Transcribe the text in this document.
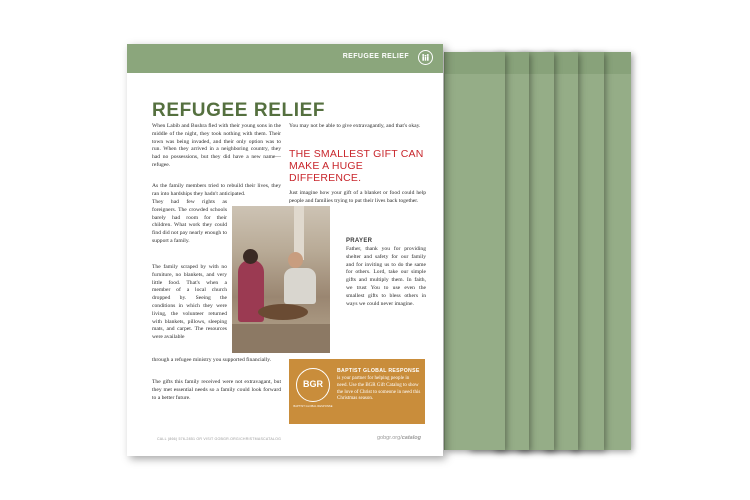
REFUGEE RELIEF
REFUGEE RELIEF

When Labib and Bushra fled with their young sons in the middle of the night, they took nothing with them. Their town was being invaded, and their only option was to run. When they arrived in a neighboring country, they had no possessions, but they did have a new name—refugee.

As the family members tried to rebuild their lives, they ran into hardships they hadn't anticipated.

They had few rights as foreigners. The crowded schools barely had room for their children. What work they could find did not pay nearly enough to support a family.

The family scraped by with no furniture, no blankets, and very little food. That's when a member of a local church dropped by. Seeing the conditions in which they were living, the volunteer returned with blankets, pillows, sleeping mats, and carpet. The resources were available

through a refugee ministry you supported financially.

The gifts this family received were not extravagant, but they met essential needs so a family could look forward to a better future.

You may not be able to give extravagantly, and that's okay.

THE SMALLEST GIFT CAN MAKE A HUGE DIFFERENCE.

Just imagine how your gift of a blanket or food could help people and families trying to put their lives back together.

PRAYER

Father, thank you for providing shelter and safety for our family and for inviting us to do the same for others. Lord, take our simple gifts and multiply them. In faith, we trust You to use even the smallest gifts to bless others in ways we could never imagine.

BGR
BAPTIST GLOBAL RESPONSE
BAPTIST GLOBAL RESPONSE

is your partner for helping people in need. Use the BGR Gift Catalog to show the love of Christ to someone in need this Christmas season.

CALL (866) 576-2851 OR VISIT GOBGR.ORG/CHRISTMASCATALOG	gobgr.org/catalog
